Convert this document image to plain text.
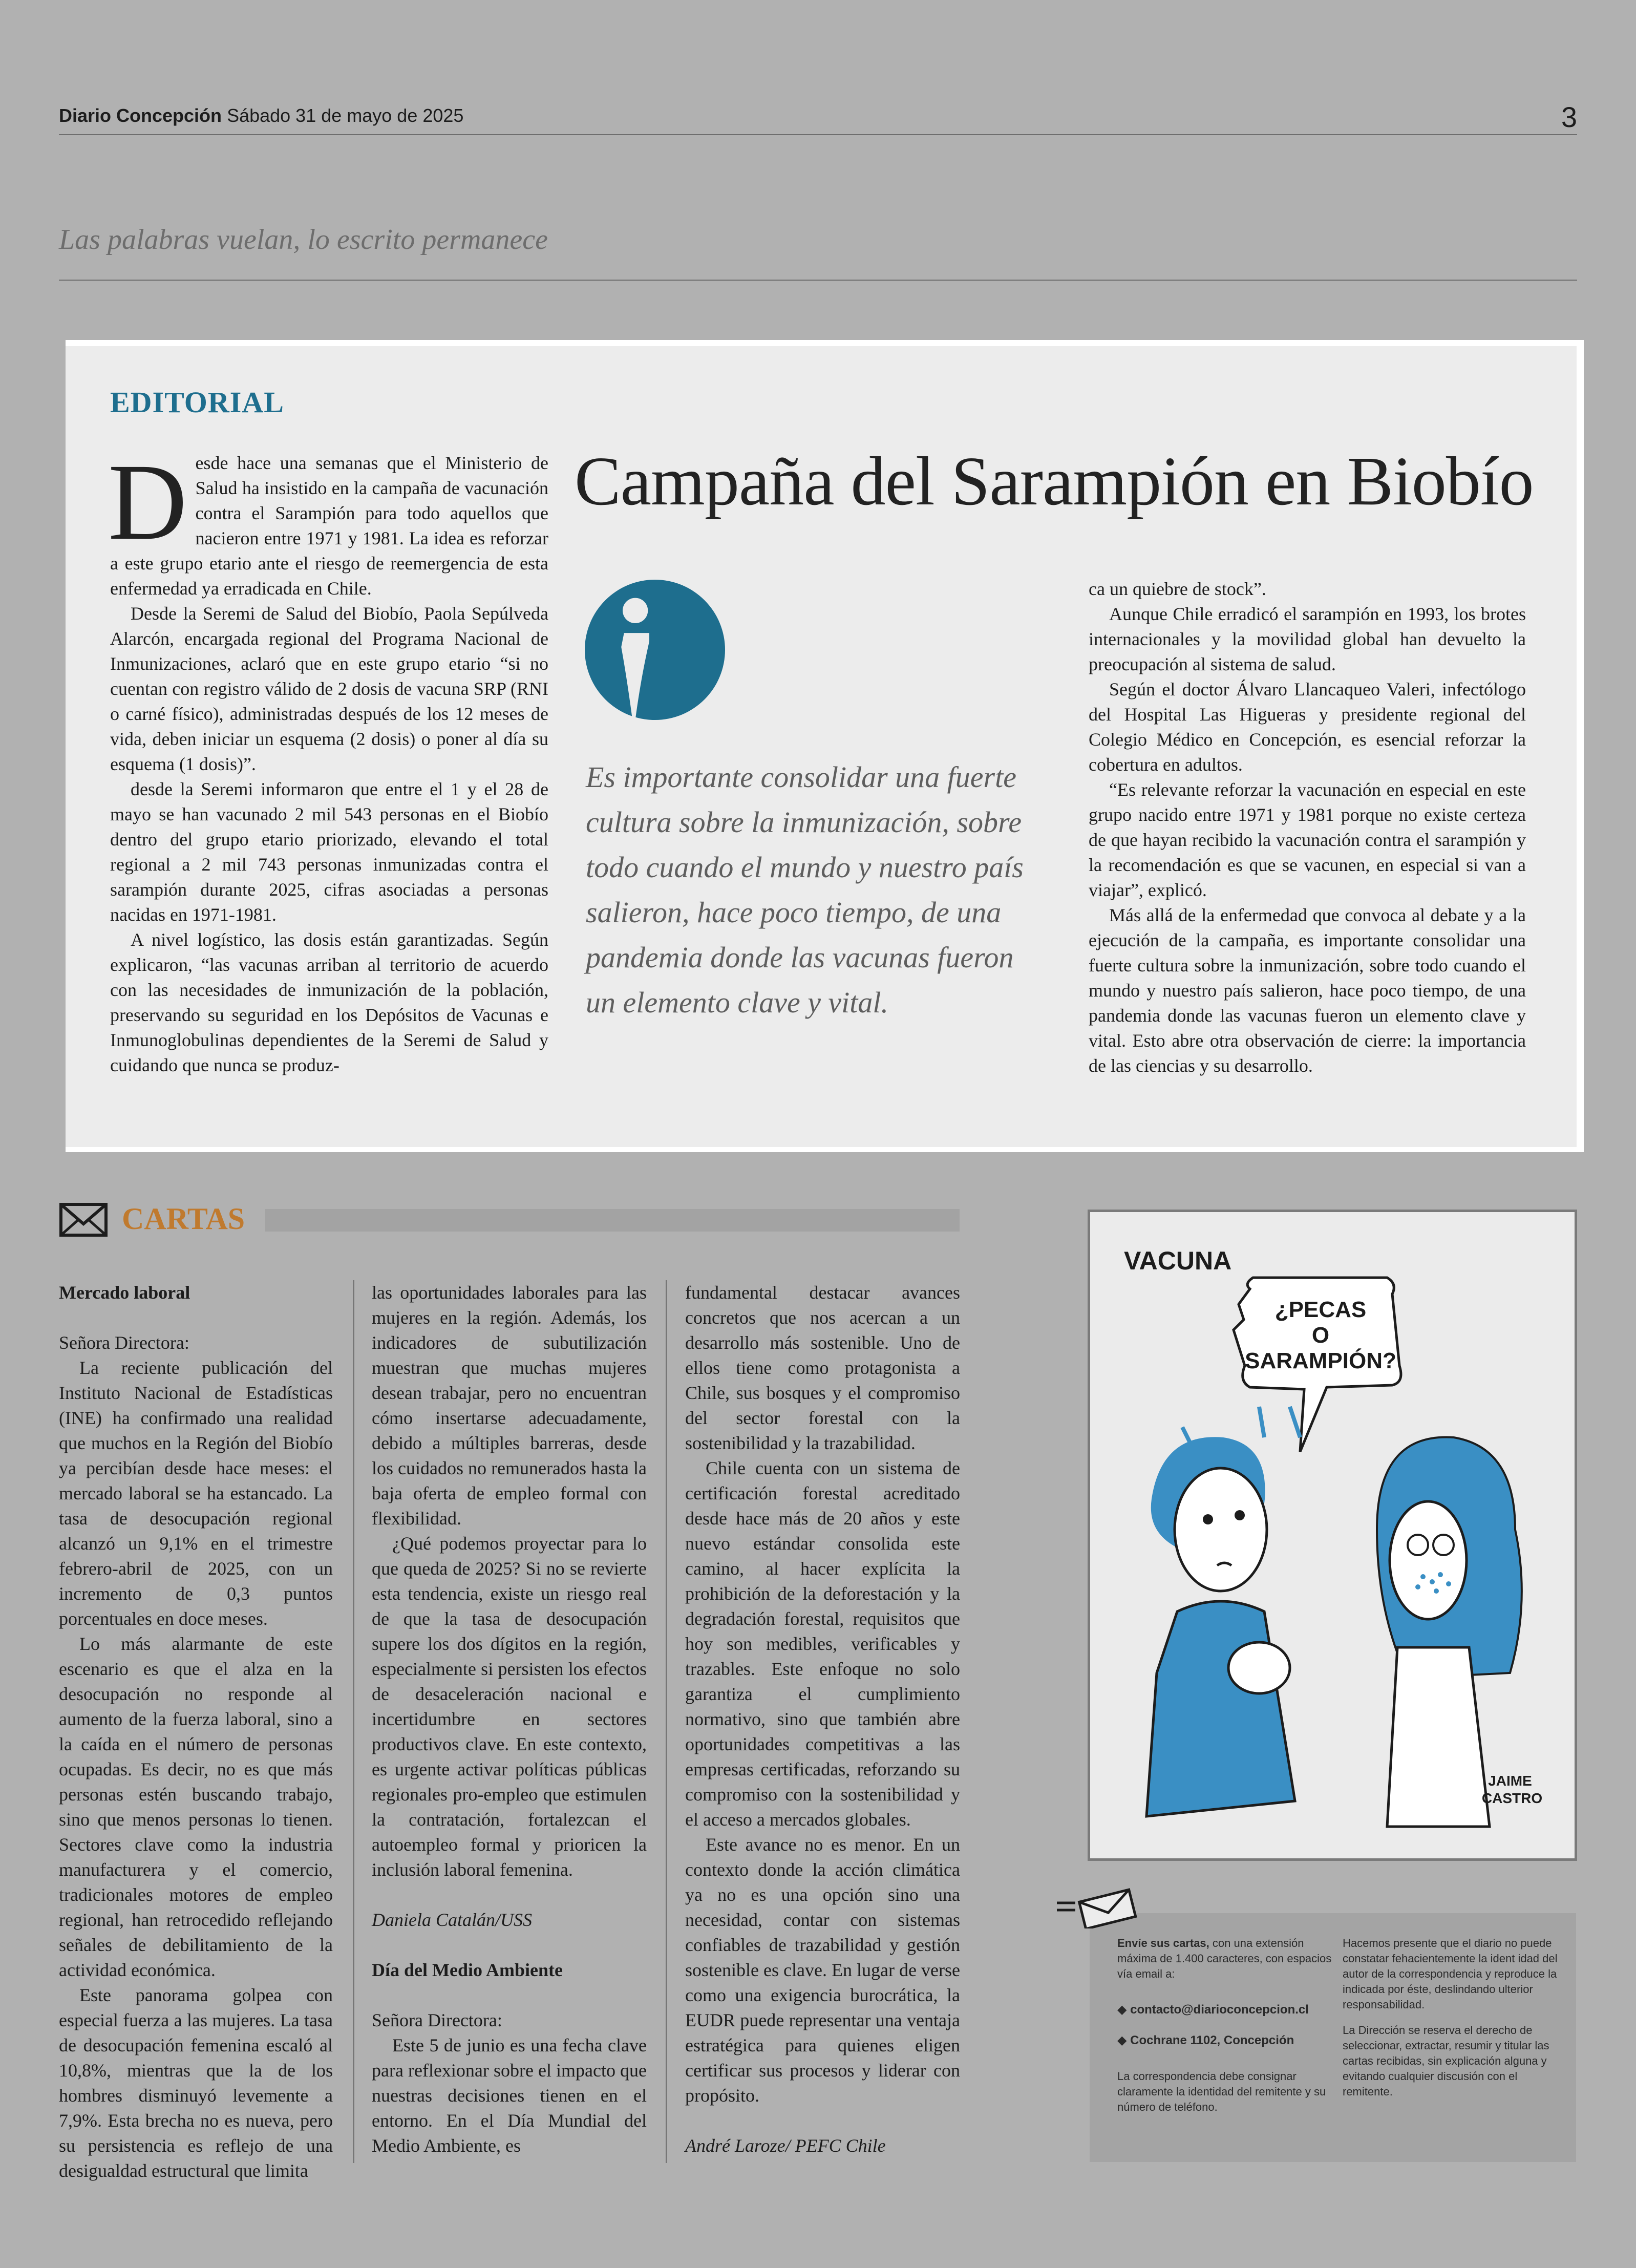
Diario Concepción Sábado 31 de mayo de 2025	3
Las palabras vuelan, lo escrito permanece
EDITORIAL
Campaña del Sarampión en Biobío

Desde hace una semanas que el Ministerio de Salud ha insistido en la campaña de vacunación contra el Sarampión para todo aquellos que nacieron entre 1971 y 1981. La idea es reforzar a este grupo etario ante el riesgo de reemergencia de esta enfermedad ya erradicada en Chile.

Desde la Seremi de Salud del Biobío, Paola Sepúlveda Alarcón, encargada regional del Programa Nacional de Inmunizaciones, aclaró que en este grupo etario “si no cuentan con registro válido de 2 dosis de vacuna SRP (RNI o carné físico), administradas después de los 12 meses de vida, deben iniciar un esquema (2 dosis) o poner al día su esquema (1 dosis)”.

desde la Seremi informaron que entre el 1 y el 28 de mayo se han vacunado 2 mil 543 personas en el Biobío dentro del grupo etario priorizado, elevando el total regional a 2 mil 743 personas inmunizadas contra el sarampión durante 2025, cifras asociadas a personas nacidas en 1971-1981.

A nivel logístico, las dosis están garantizadas. Según explicaron, “las vacunas arriban al territorio de acuerdo con las necesidades de inmunización de la población, preservando su seguridad en los Depósitos de Vacunas e Inmunoglobulinas dependientes de la Seremi de Salud y cuidando que nunca se produz-

Es importante consolidar una fuerte cultura sobre la inmunización, sobre todo cuando el mundo y nuestro país salieron, hace poco tiempo, de una pandemia donde las vacunas fueron un elemento clave y vital.

ca un quiebre de stock”.

Aunque Chile erradicó el sarampión en 1993, los brotes internacionales y la movilidad global han devuelto la preocupación al sistema de salud.

Según el doctor Álvaro Llancaqueo Valeri, infectólogo del Hospital Las Higueras y presidente regional del Colegio Médico en Concepción, es esencial reforzar la cobertura en adultos.

“Es relevante reforzar la vacunación en especial en este grupo nacido entre 1971 y 1981 porque no existe certeza de que hayan recibido la vacunación contra el sarampión y la recomendación es que se vacunen, en especial si van a viajar”, explicó.

Más allá de la enfermedad que convoca al debate y a la ejecución de la campaña, es importante consolidar una fuerte cultura sobre la inmunización, sobre todo cuando el mundo y nuestro país salieron, hace poco tiempo, de una pandemia donde las vacunas fueron un elemento clave y vital. Esto abre otra observación de cierre: la importancia de las ciencias y su desarrollo.

CARTAS

Mercado laboral

Señora Directora:

La reciente publicación del Instituto Nacional de Estadísticas (INE) ha confirmado una realidad que muchos en la Región del Biobío ya percibían desde hace meses: el mercado laboral se ha estancado. La tasa de desocupación regional alcanzó un 9,1% en el trimestre febrero-abril de 2025, con un incremento de 0,3 puntos porcentuales en doce meses.

Lo más alarmante de este escenario es que el alza en la desocupación no responde al aumento de la fuerza laboral, sino a la caída en el número de personas ocupadas. Es decir, no es que más personas estén buscando trabajo, sino que menos personas lo tienen. Sectores clave como la industria manufacturera y el comercio, tradicionales motores de empleo regional, han retrocedido reflejando señales de debilitamiento de la actividad económica.

Este panorama golpea con especial fuerza a las mujeres. La tasa de desocupación femenina escaló al 10,8%, mientras que la de los hombres disminuyó levemente a 7,9%. Esta brecha no es nueva, pero su persistencia es reflejo de una desigualdad estructural que limita

las oportunidades laborales para las mujeres en la región. Además, los indicadores de subutilización muestran que muchas mujeres desean trabajar, pero no encuentran cómo insertarse adecuadamente, debido a múltiples barreras, desde los cuidados no remunerados hasta la baja oferta de empleo formal con flexibilidad.

¿Qué podemos proyectar para lo que queda de 2025? Si no se revierte esta tendencia, existe un riesgo real de que la tasa de desocupación supere los dos dígitos en la región, especialmente si persisten los efectos de desaceleración nacional e incertidumbre en sectores productivos clave. En este contexto, es urgente activar políticas públicas regionales pro-empleo que estimulen la contratación, fortalezcan el autoempleo formal y prioricen la inclusión laboral femenina.

Daniela Catalán/USS

Día del Medio Ambiente

Señora Directora:

Este 5 de junio es una fecha clave para reflexionar sobre el impacto que nuestras decisiones tienen en el entorno. En el Día Mundial del Medio Ambiente, es

fundamental destacar avances concretos que nos acercan a un desarrollo más sostenible. Uno de ellos tiene como protagonista a Chile, sus bosques y el compromiso del sector forestal con la sostenibilidad y la trazabilidad.

Chile cuenta con un sistema de certificación forestal acreditado desde hace más de 20 años y este nuevo estándar consolida este camino, al hacer explícita la prohibición de la deforestación y la degradación forestal, requisitos que hoy son medibles, verificables y trazables. Este enfoque no solo garantiza el cumplimiento normativo, sino que también abre oportunidades competitivas a las empresas certificadas, reforzando su compromiso con la sostenibilidad y el acceso a mercados globales.

Este avance no es menor. En un contexto donde la acción climática ya no es una opción sino una necesidad, contar con sistemas confiables de trazabilidad y gestión sostenible es clave. En lugar de verse como una exigencia burocrática, la EUDR puede representar una ventaja estratégica para quienes eligen certificar sus procesos y liderar con propósito.

André Laroze/ PEFC Chile

VACUNA
¿PECAS
O
SARAMPIÓN?
JAIME
CASTRO

Envíe sus cartas, con una extensión máxima de 1.400 caracteres, con espacios vía email a:

◆ contacto@diarioconcepcion.cl

◆ Cochrane 1102, Concepción

La correspondencia debe consignar claramente la identidad del remitente y su número de teléfono.

Hacemos presente que el diario no puede constatar fehacientemente la ident idad del autor de la correspondencia y reproduce la indicada por éste, deslindando ulterior responsabilidad.

La Dirección se reserva el derecho de seleccionar, extractar, resumir y titular las cartas recibidas, sin explicación alguna y evitando cualquier discusión con el remitente.
